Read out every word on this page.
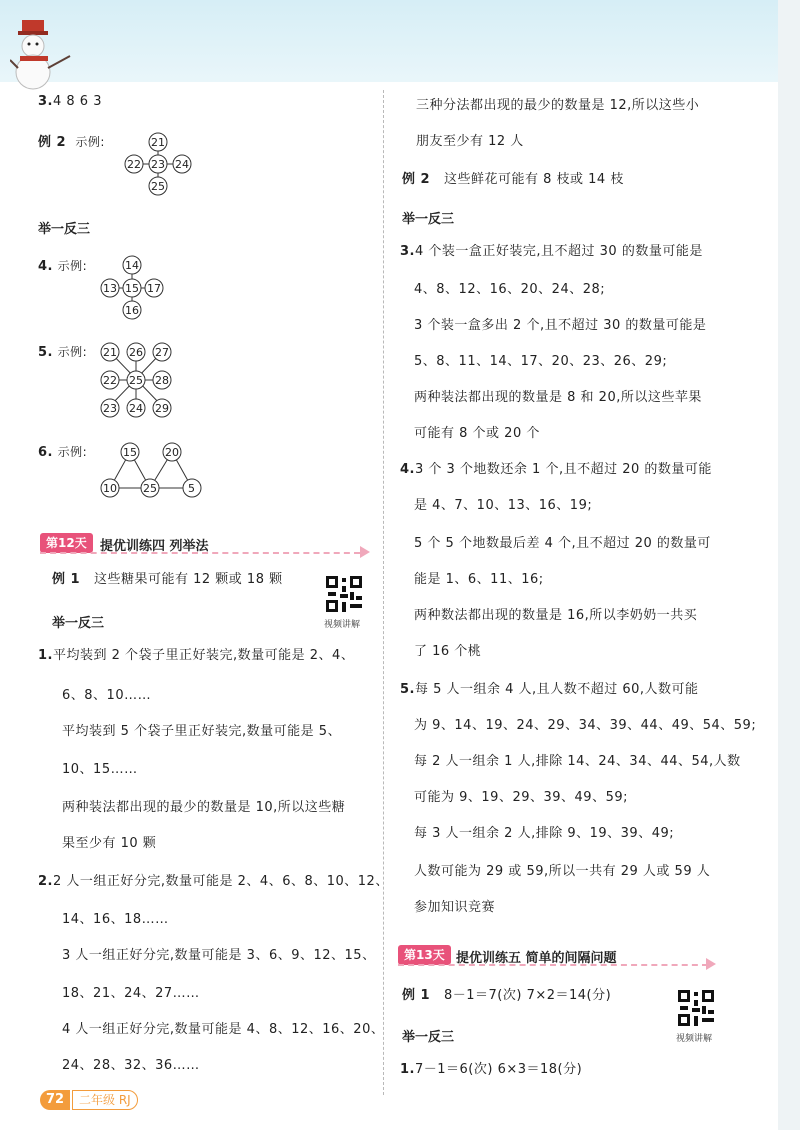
3.4 8 6 3
例 2 示例:	21
22 23 24
25
举一反三
4. 示例:	14
13 15 17
16
5. 示例: 21 26 27
22 25 28
23 24 29
6. 示例:	15	20
10 25	5
第12天	提优训练四 列举法
例 1 这些糖果可能有 12 颗或 18 颗
视频讲解
举一反三
1.平均装到 2 个袋子里正好装完,数量可能是 2、4、
6、8、10……
平均装到 5 个袋子里正好装完,数量可能是 5、
10、15……
两种装法都出现的最少的数量是 10,所以这些糖
果至少有 10 颗
2.2 人一组正好分完,数量可能是 2、4、6、8、10、12、
14、16、18……
3 人一组正好分完,数量可能是 3、6、9、12、15、
18、21、24、27……
4 人一组正好分完,数量可能是 4、8、12、16、20、
24、28、32、36……
三种分法都出现的最少的数量是 12,所以这些小
朋友至少有 12 人
例 2 这些鲜花可能有 8 枝或 14 枝
举一反三
3.4 个装一盒正好装完,且不超过 30 的数量可能是
4、8、12、16、20、24、28;
3 个装一盒多出 2 个,且不超过 30 的数量可能是
5、8、11、14、17、20、23、26、29;
两种装法都出现的数量是 8 和 20,所以这些苹果
可能有 8 个或 20 个
4.3 个 3 个地数还余 1 个,且不超过 20 的数量可能
是 4、7、10、13、16、19;
5 个 5 个地数最后差 4 个,且不超过 20 的数量可
能是 1、6、11、16;
两种数法都出现的数量是 16,所以李奶奶一共买
了 16 个桃
5.每 5 人一组余 4 人,且人数不超过 60,人数可能
为 9、14、19、24、29、34、39、44、49、54、59;
每 2 人一组余 1 人,排除 14、24、34、44、54,人数
可能为 9、19、29、39、49、59;
每 3 人一组余 2 人,排除 9、19、39、49;
人数可能为 29 或 59,所以一共有 29 人或 59 人
参加知识竞赛
第13天 提优训练五 简单的间隔问题
例 1 8－1＝7(次) 7×2＝14(分)
视频讲解
举一反三
1.7－1＝6(次) 6×3＝18(分)
72	二年级 RJ
